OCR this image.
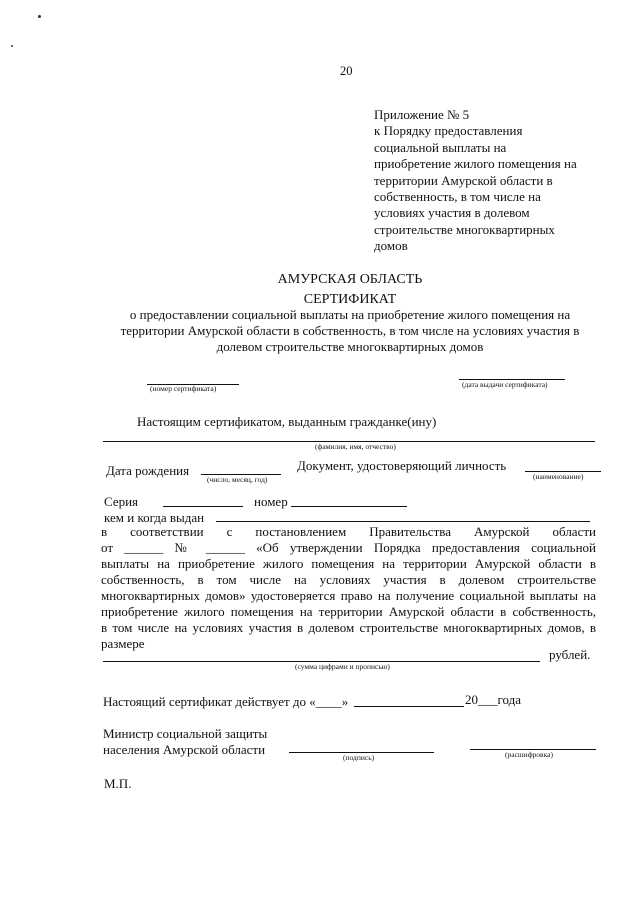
20
Приложение № 5
к Порядку предоставления
социальной выплаты на
приобретение жилого помещения на
территории Амурской области в
собственность, в том числе на
условиях участия в долевом
строительстве многоквартирных
домов
АМУРСКАЯ ОБЛАСТЬ
СЕРТИФИКАТ
о предоставлении социальной выплаты на приобретение жилого помещения на
территории Амурской области в собственность, в том числе на условиях участия в
долевом строительстве многоквартирных домов
(номер сертификата)	(дата выдачи сертификата)
Настоящим сертификатом, выданным гражданке(ину)
(фамилия, имя, отчество)
Дата рождения
(число, месяц, год)
Документ, удостоверяющий личность
(наименование)
Серия	номер
кем и когда выдан
в соответствии с постановлением Правительства Амурской области
от ______ № ______ «Об утверждении Порядка предоставления социальной
выплаты на приобретение жилого помещения на территории Амурской области в
собственность, в том числе на условиях участия в долевом строительстве
многоквартирных домов» удостоверяется право на получение социальной выплаты на
приобретение жилого помещения на территории Амурской области в собственность,
в том числе на условиях участия в долевом строительстве многоквартирных домов, в
размере
рублей.
(сумма цифрами и прописью)
Настоящий сертификат действует до «____»	20___года
Министр социальной защиты
населения Амурской области
(подпись)	(расшифровка)
М.П.
